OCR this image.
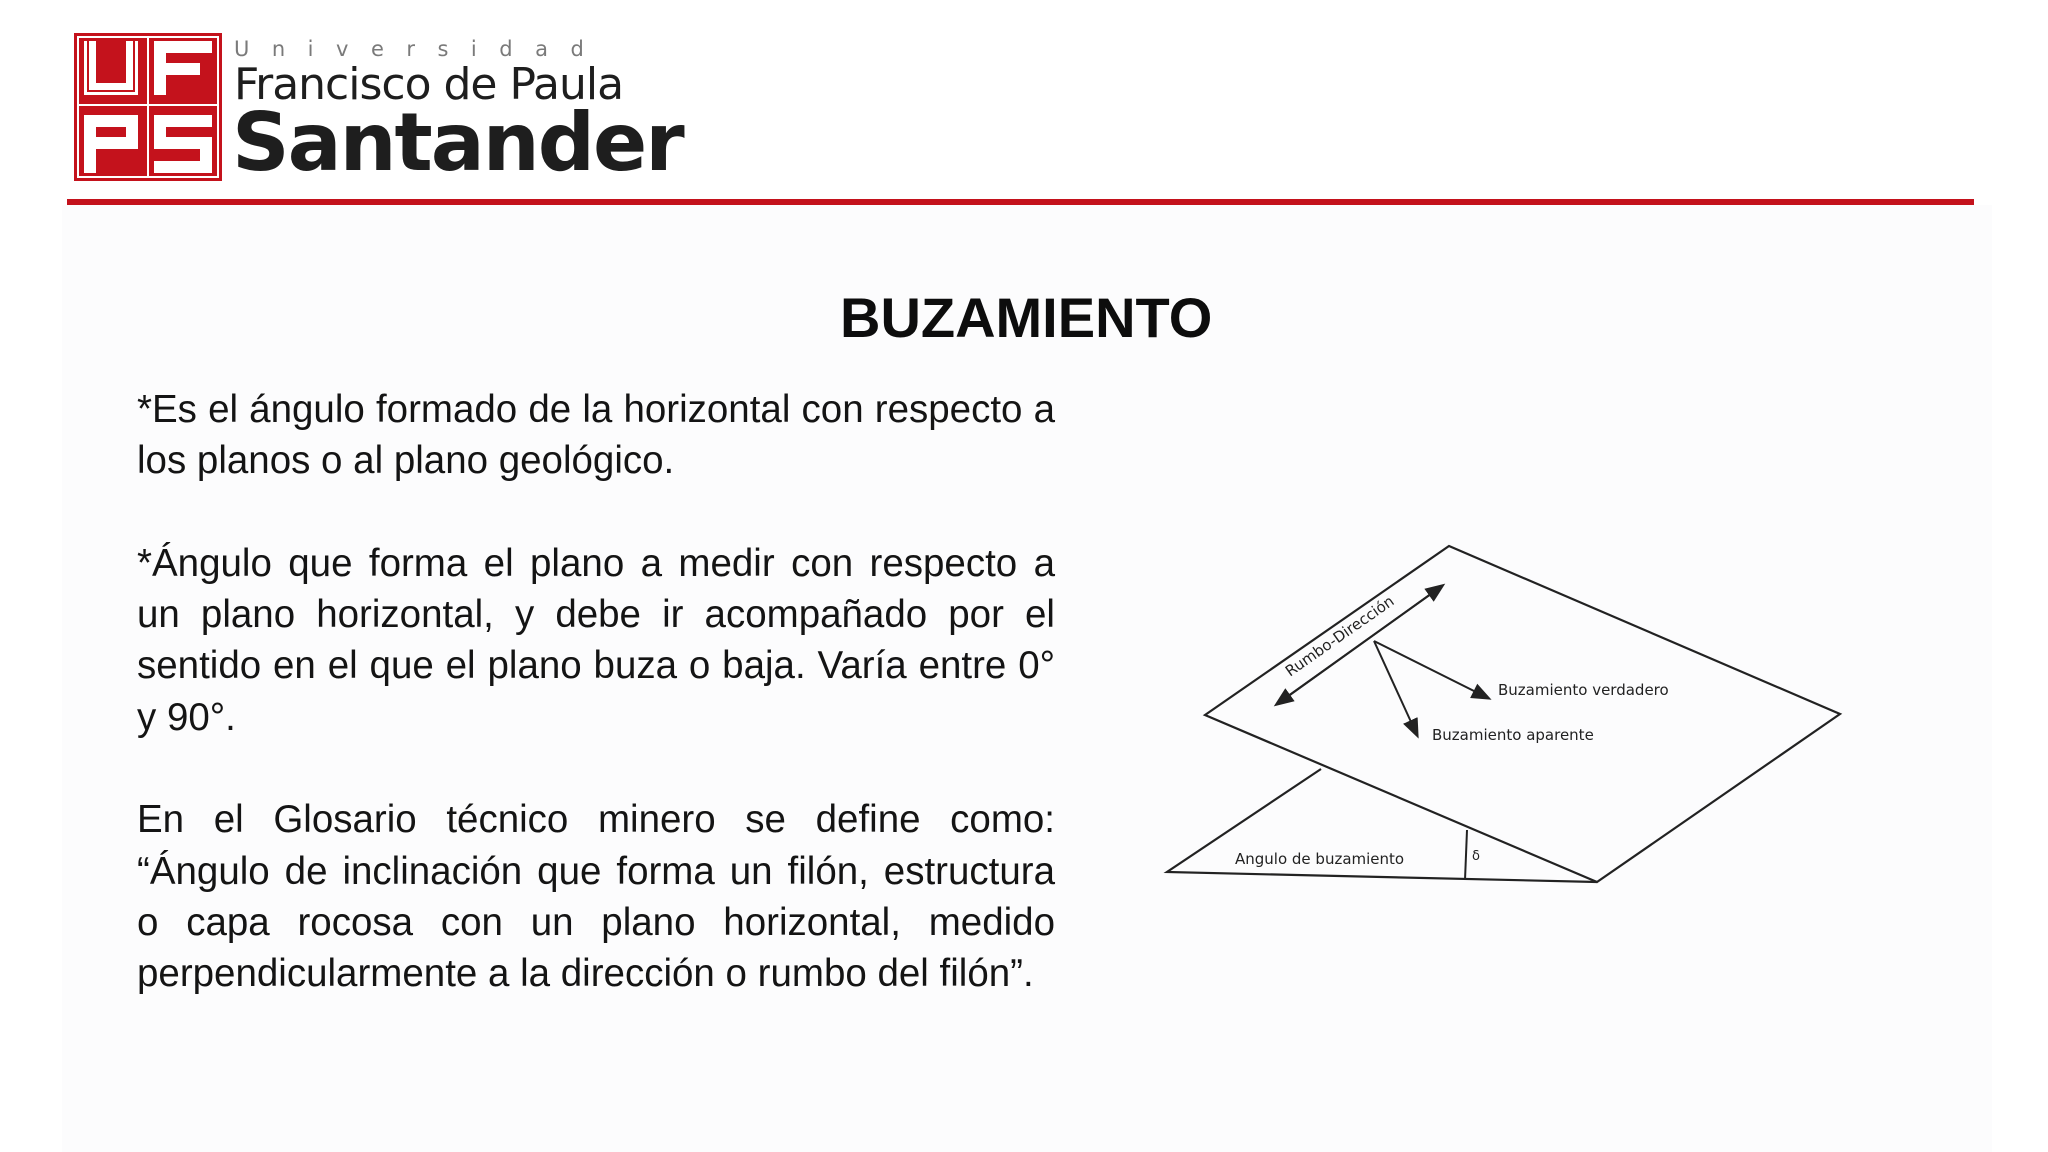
Universidad
Francisco de Paula
Santander
BUZAMIENTO

*Es el ángulo formado de la horizontal con respecto a los planos o al plano geológico.

*Ángulo que forma el plano a medir con respecto a un plano horizontal, y debe ir acompañado por el sentido en el que el plano buza o baja. Varía entre 0° y 90°.

En el Glosario técnico minero se define como: “Ángulo de inclinación que forma un filón, estructura o capa rocosa con un plano horizontal, medido perpendicularmente a la dirección o rumbo del filón”.

δ
Rumbo-Dirección
Buzamiento verdadero
Buzamiento aparente
Angulo de buzamiento
